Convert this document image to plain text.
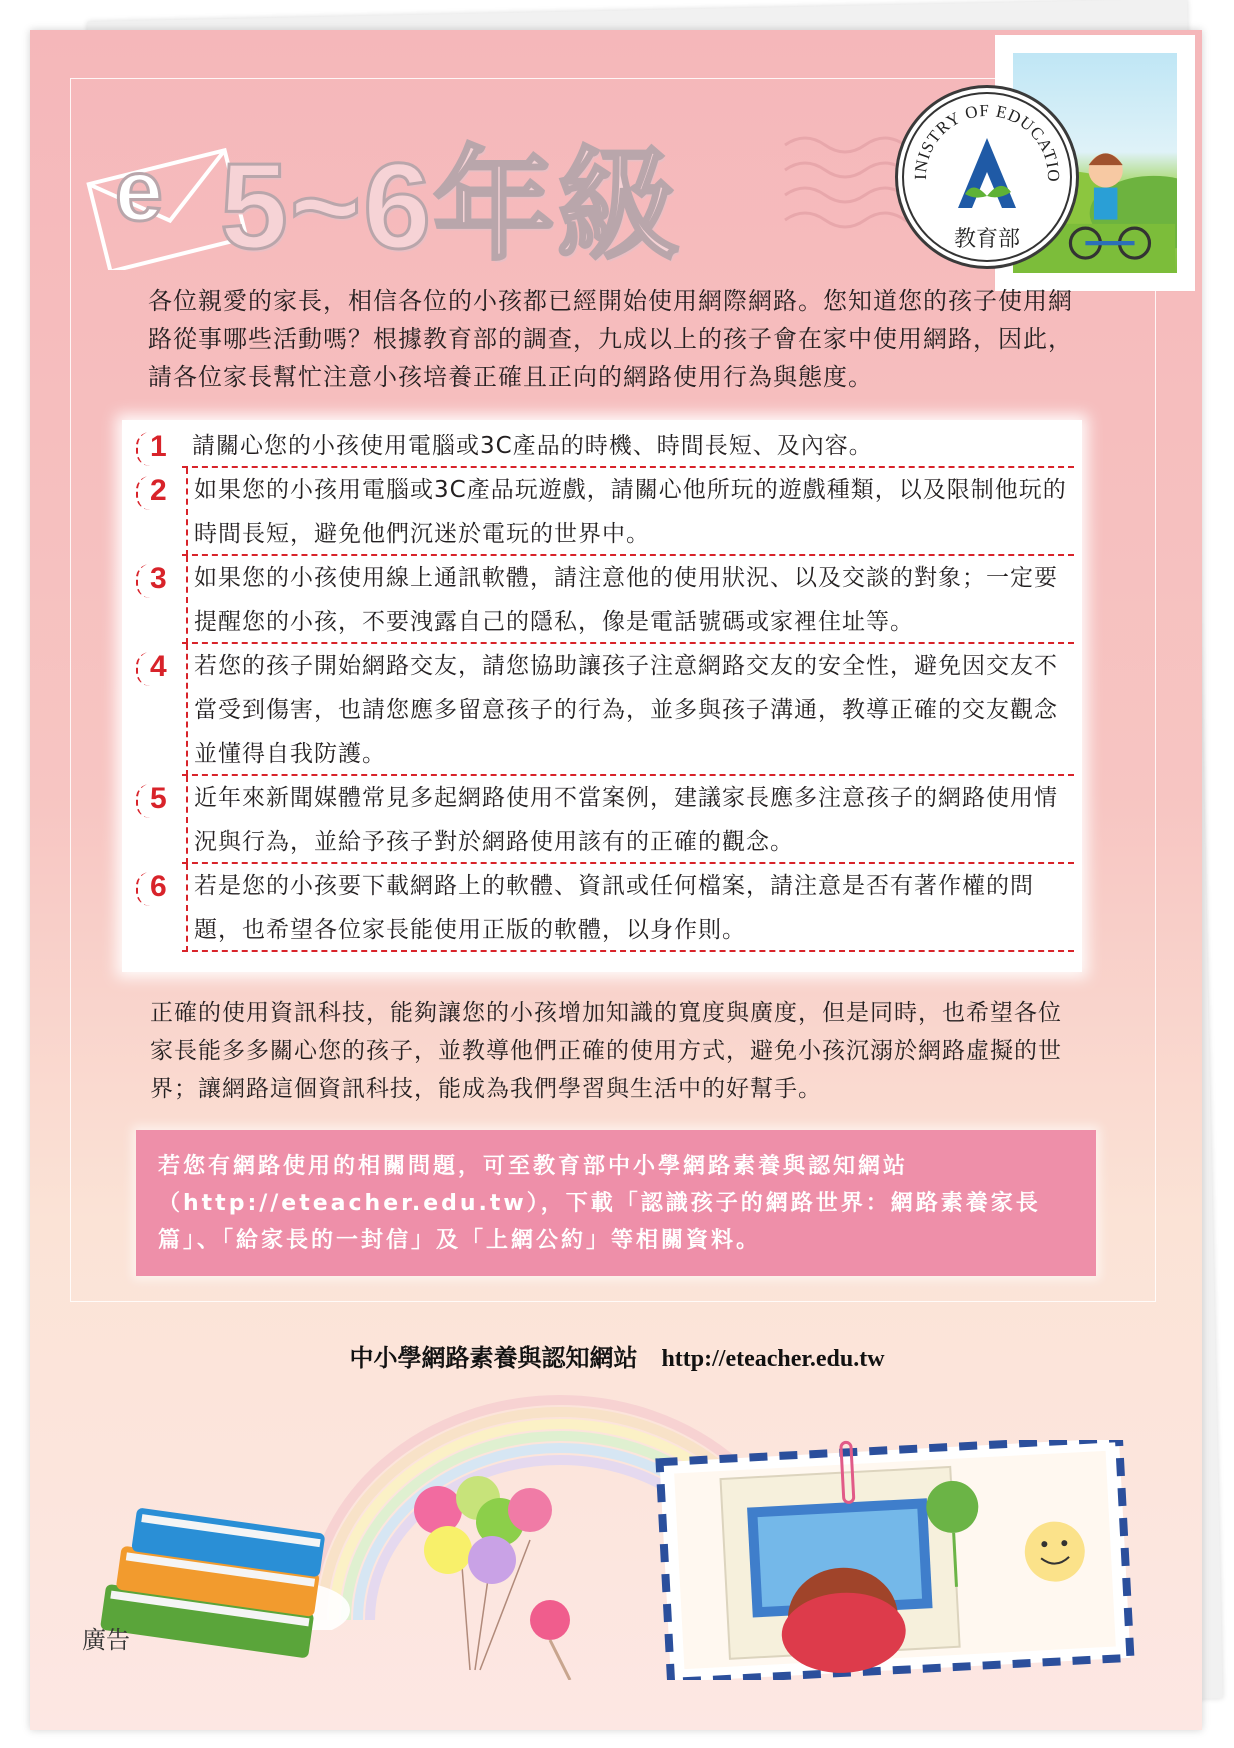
e 5~6年級	INISTRY OF EDUCATIO
教育部
各位親愛的家長，相信各位的小孩都已經開始使用網際網路。您知道您的孩子使用網路從事哪些活動嗎？根據教育部的調查，九成以上的孩子會在家中使用網路，因此，請各位家長幫忙注意小孩培養正確且正向的網路使用行為與態度。
1 請關心您的小孩使用電腦或3C產品的時機、時間長短、及內容。
2	如果您的小孩用電腦或3C產品玩遊戲，請關心他所玩的遊戲種類，以及限制他玩的時間長短，避免他們沉迷於電玩的世界中。
3	如果您的小孩使用線上通訊軟體，請注意他的使用狀況、以及交談的對象；一定要提醒您的小孩，不要洩露自己的隱私，像是電話號碼或家裡住址等。
4	若您的孩子開始網路交友，請您協助讓孩子注意網路交友的安全性，避免因交友不當受到傷害，也請您應多留意孩子的行為，並多與孩子溝通，教導正確的交友觀念並懂得自我防護。
5	近年來新聞媒體常見多起網路使用不當案例，建議家長應多注意孩子的網路使用情況與行為，並給予孩子對於網路使用該有的正確的觀念。
6	若是您的小孩要下載網路上的軟體、資訊或任何檔案，請注意是否有著作權的問題，也希望各位家長能使用正版的軟體，以身作則。
正確的使用資訊科技，能夠讓您的小孩增加知識的寬度與廣度，但是同時，也希望各位家長能多多關心您的孩子，並教導他們正確的使用方式，避免小孩沉溺於網路虛擬的世界；讓網路這個資訊科技，能成為我們學習與生活中的好幫手。
若您有網路使用的相關問題，可至教育部中小學網路素養與認知網站（http://eteacher.edu.tw），下載「認識孩子的網路世界：網路素養家長篇」、「給家長的一封信」及「上網公約」等相關資料。
中小學網路素養與認知網站 http://eteacher.edu.tw
廣告
